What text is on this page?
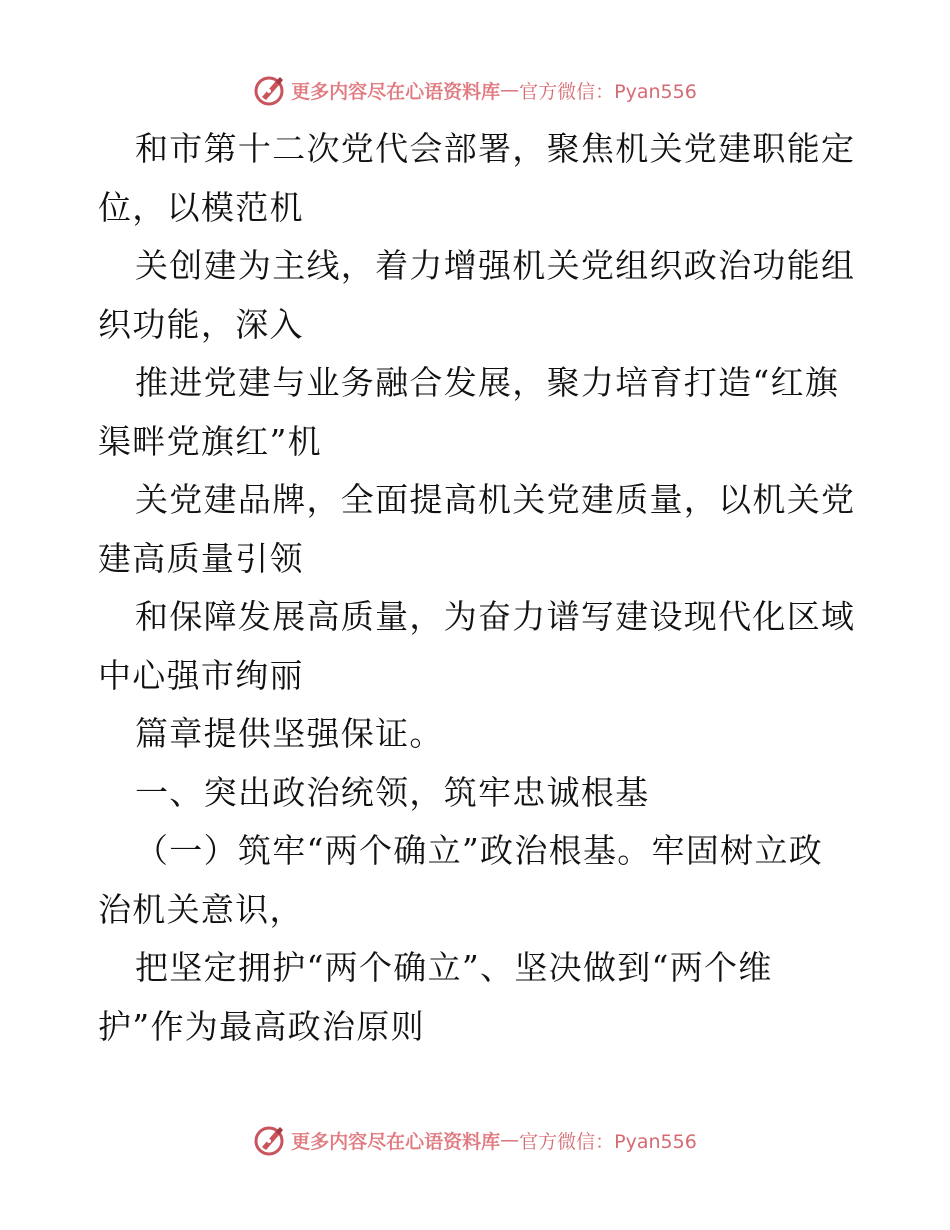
更多内容尽在心语资料库 — 官方微信：Pyan556
和市第十二次党代会部署，聚焦机关党建职能定
位，以模范机
关创建为主线，着力增强机关党组织政治功能组
织功能，深入
推进党建与业务融合发展，聚力培育打造“红旗
渠畔党旗红”机
关党建品牌，全面提高机关党建质量，以机关党
建高质量引领
和保障发展高质量，为奋力谱写建设现代化区域
中心强市绚丽
篇章提供坚强保证。
一、突出政治统领，筑牢忠诚根基
（一）筑牢“两个确立”政治根基。牢固树立政
治机关意识，
把坚定拥护“两个确立”、坚决做到“两个维
护”作为最高政治原则
更多内容尽在心语资料库 — 官方微信：Pyan556
